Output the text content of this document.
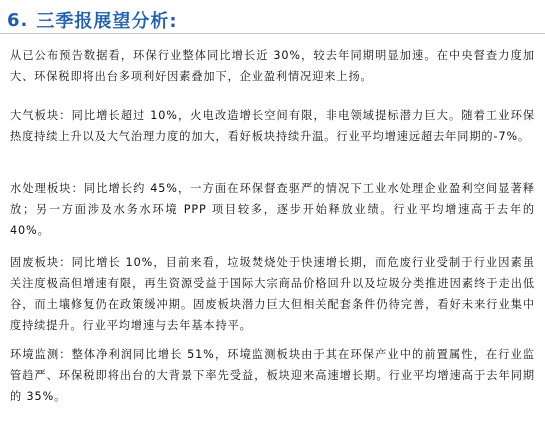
6. 三季报展望分析:
从已公布预告数据看，环保行业整体同比增长近 30%，较去年同期明显加速。在中央督查力度加大、环保税即将出台多项利好因素叠加下，企业盈利情况迎来上扬。
大气板块：同比增长超过 10%，火电改造增长空间有限，非电领域提标潜力巨大。随着工业环保热度持续上升以及大气治理力度的加大，看好板块持续升温。行业平均增速远超去年同期的-7%。
水处理板块：同比增长约 45%，一方面在环保督查驱严的情况下工业水处理企业盈利空间显著释放；另一方面涉及水务水环境 PPP 项目较多，逐步开始释放业绩。行业平均增速高于去年的 40%。
固废板块：同比增长 10%，目前来看，垃圾焚烧处于快速增长期，而危废行业受制于行业因素虽关注度极高但增速有限，再生资源受益于国际大宗商品价格回升以及垃圾分类推进因素终于走出低谷，而土壤修复仍在政策缓冲期。固废板块潜力巨大但相关配套条件仍待完善，看好未来行业集中度持续提升。行业平均增速与去年基本持平。
环境监测：整体净利润同比增长 51%，环境监测板块由于其在环保产业中的前置属性，在行业监管趋严、环保税即将出台的大背景下率先受益，板块迎来高速增长期。行业平均增速高于去年同期的 35%。
